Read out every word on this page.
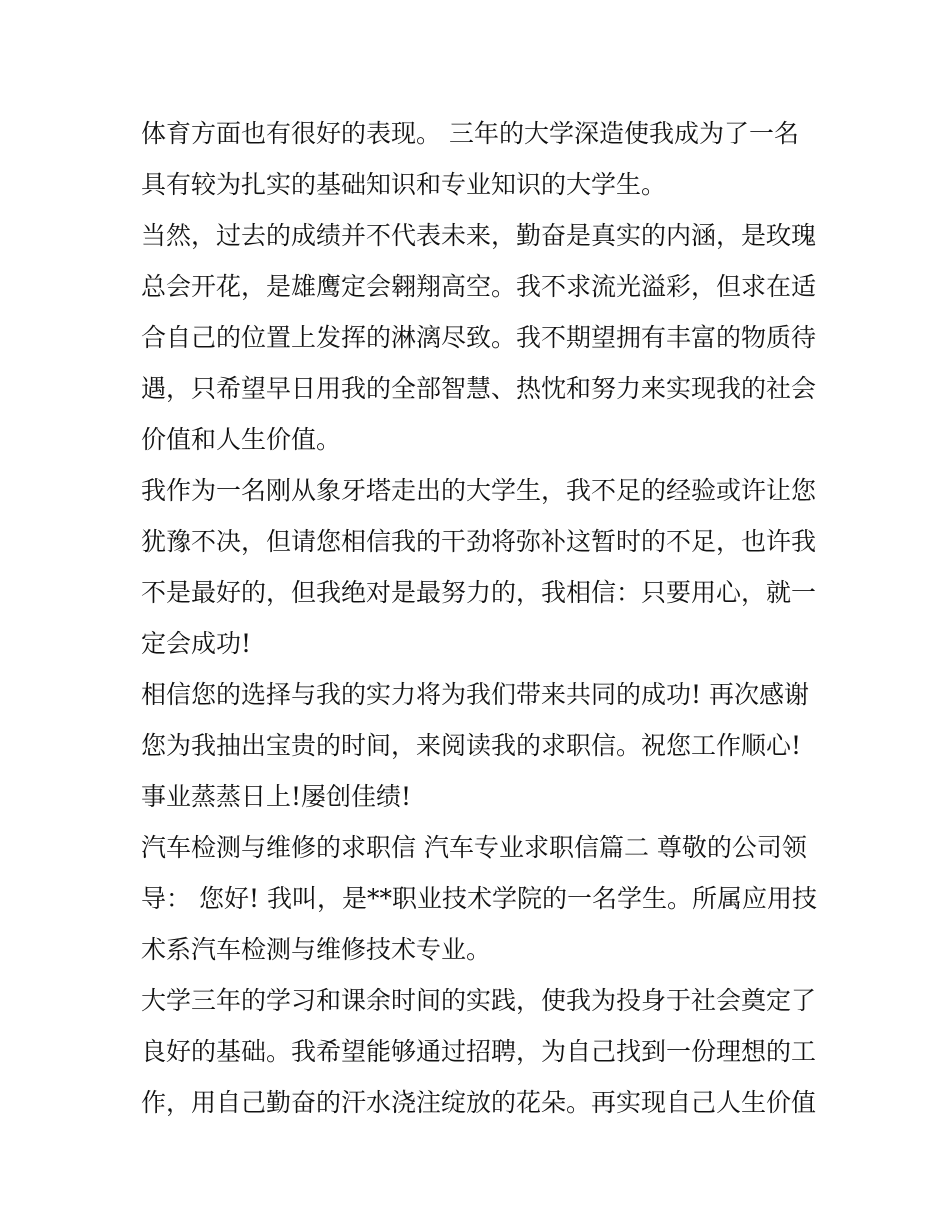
体育方面也有很好的表现。 三年的大学深造使我成为了一名
具有较为扎实的基础知识和专业知识的大学生。
当然，过去的成绩并不代表未来，勤奋是真实的内涵，是玫瑰
总会开花，是雄鹰定会翱翔高空。我不求流光溢彩，但求在适
合自己的位置上发挥的淋漓尽致。我不期望拥有丰富的物质待
遇，只希望早日用我的全部智慧、热忱和努力来实现我的社会
价值和人生价值。
我作为一名刚从象牙塔走出的大学生，我不足的经验或许让您
犹豫不决，但请您相信我的干劲将弥补这暂时的不足，也许我
不是最好的，但我绝对是最努力的，我相信：只要用心，就一
定会成功!
相信您的选择与我的实力将为我们带来共同的成功! 再次感谢
您为我抽出宝贵的时间，来阅读我的求职信。祝您工作顺心!
事业蒸蒸日上!屡创佳绩!
汽车检测与维修的求职信 汽车专业求职信篇二 尊敬的公司领
导： 您好! 我叫，是**职业技术学院的一名学生。所属应用技
术系汽车检测与维修技术专业。
大学三年的学习和课余时间的实践，使我为投身于社会奠定了
良好的基础。我希望能够通过招聘，为自己找到一份理想的工
作，用自己勤奋的汗水浇注绽放的花朵。再实现自己人生价值
